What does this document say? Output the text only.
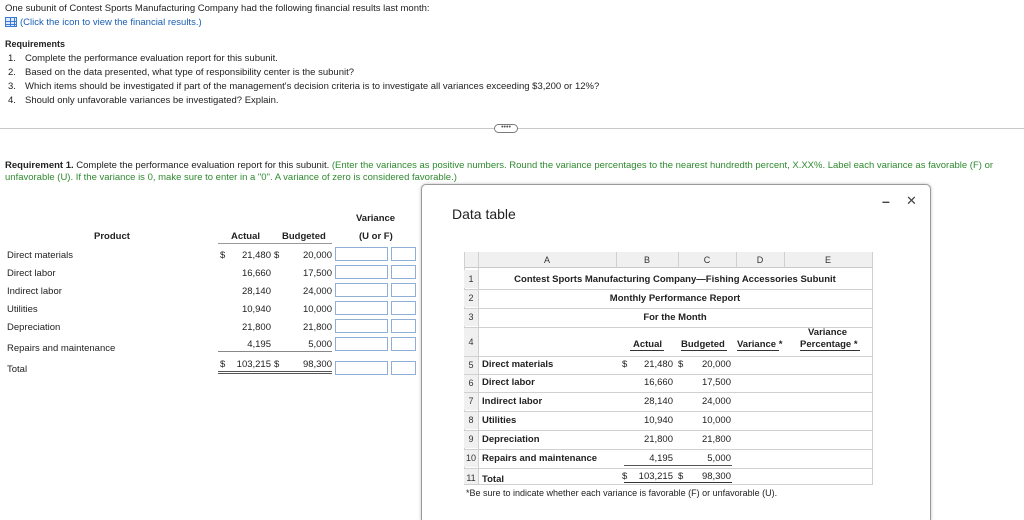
One subunit of Contest Sports Manufacturing Company had the following financial results last month:
(Click the icon to view the financial results.)
Requirements
1. Complete the performance evaluation report for this subunit.
2. Based on the data presented, what type of responsibility center is the subunit?
3. Which items should be investigated if part of the management's decision criteria is to investigate all variances exceeding $3,200 or 12%?
4. Should only unfavorable variances be investigated? Explain.
••••
Requirement 1. Complete the performance evaluation report for this subunit. (Enter the variances as positive numbers. Round the variance percentages to the nearest hundredth percent, X.XX%. Label each variance as favorable (F) or
unfavorable (U). If the variance is 0, make sure to enter in a "0". A variance of zero is considered favorable.)
Product	Actual Budgeted
Variance
(U or F)
Direct materials	$	21,480 $	20,000
Direct labor	16,660	17,500
Indirect labor	28,140	24,000
Utilities	10,940	10,000
Depreciation	21,800	21,800
Repairs and maintenance	4,195	5,000
Total	$	103,215 $	98,300
Data table
– ✕
A	B	C	D	E
1
2
3
4
5
6
7
8
9
10
11
Contest Sports Manufacturing Company—Fishing Accessories Subunit
Monthly Performance Report
For the Month
Actual Budgeted Variance *
Variance
Percentage *
Direct materials	$	21,480 $	20,000
Direct labor	16,660	17,500
Indirect labor	28,140	24,000
Utilities	10,940	10,000
Depreciation	21,800	21,800
Repairs and maintenance	4,195	5,000
Total	$	103,215 $	98,300
*Be sure to indicate whether each variance is favorable (F) or unfavorable (U).
